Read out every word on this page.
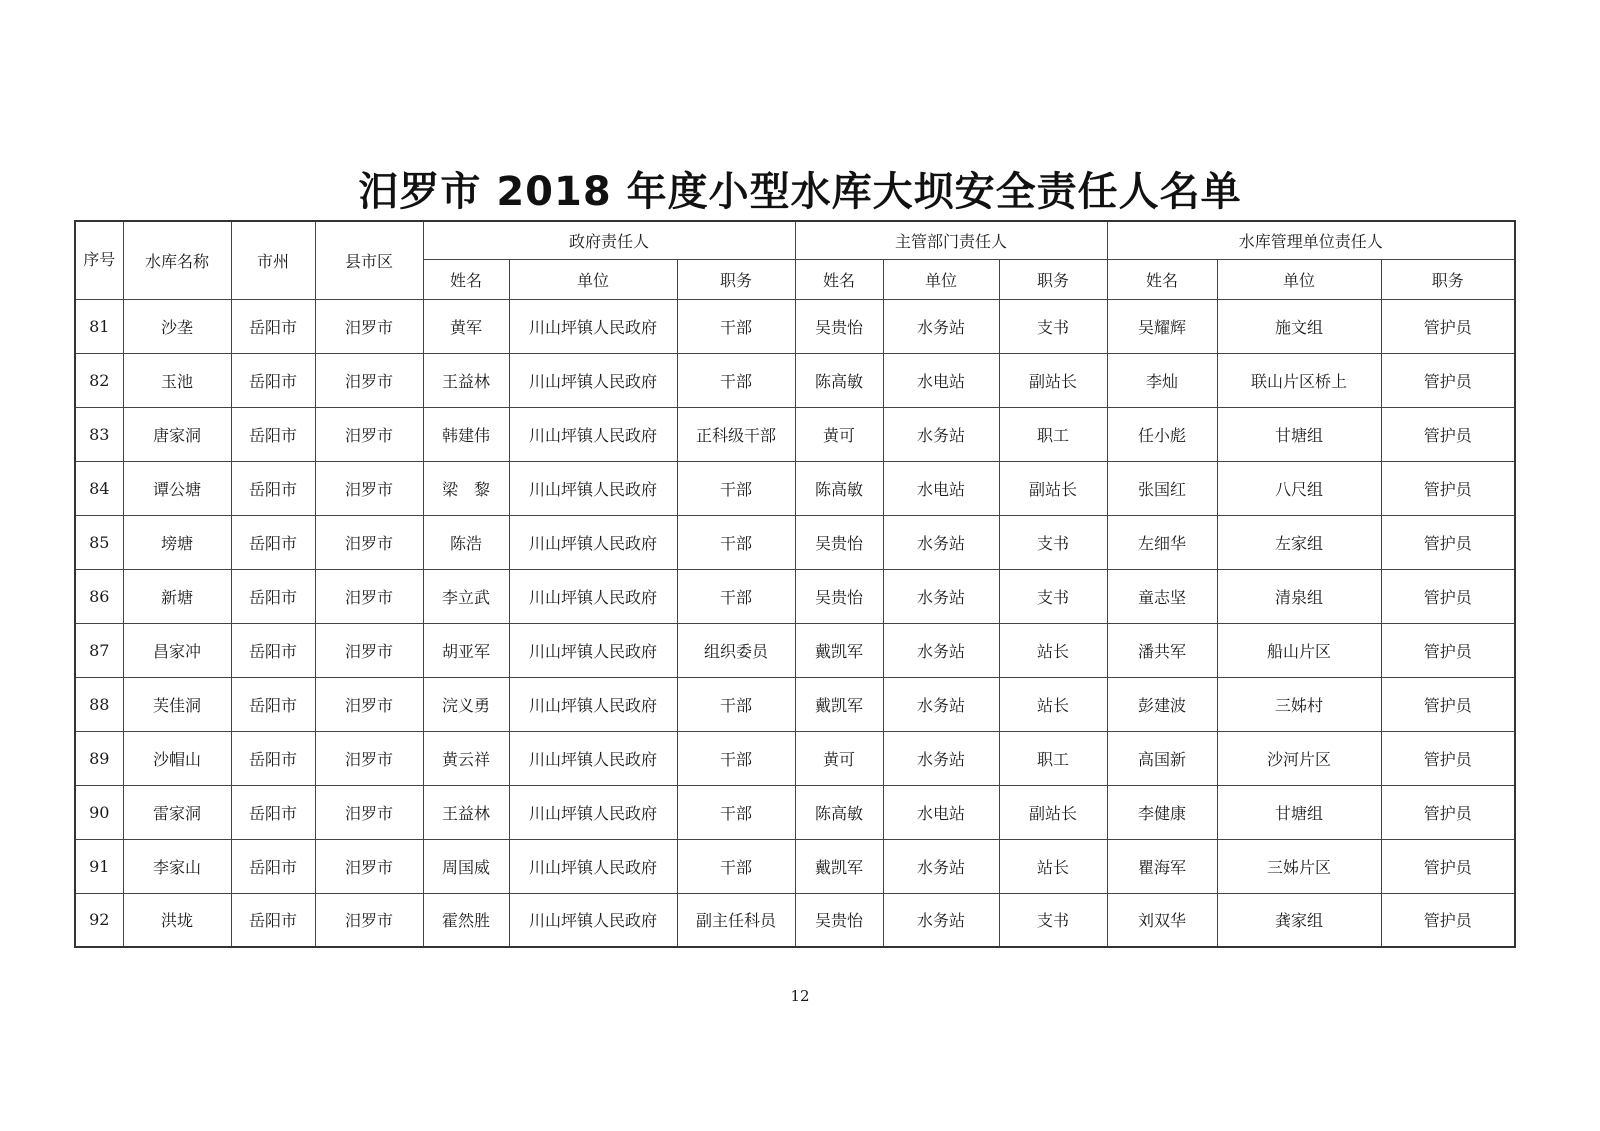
汨罗市 2018 年度小型水库大坝安全责任人名单
序号	水库名称	市州	县市区	政府责任人			主管部门责任人			水库管理单位责任人		
				姓名	单位	职务	姓名	单位	职务	姓名	单位	职务
81	沙垄	岳阳市	汨罗市	黄军	川山坪镇人民政府	干部	吴贵怡	水务站	支书	吴耀辉	施文组	管护员
82	玉池	岳阳市	汨罗市	王益林	川山坪镇人民政府	干部	陈高敏	水电站	副站长	李灿	联山片区桥上	管护员
83	唐家洞	岳阳市	汨罗市	韩建伟	川山坪镇人民政府	正科级干部	黄可	水务站	职工	任小彪	甘塘组	管护员
84	谭公塘	岳阳市	汨罗市	梁　黎	川山坪镇人民政府	干部	陈高敏	水电站	副站长	张国红	八尺组	管护员
85	塝塘	岳阳市	汨罗市	陈浩	川山坪镇人民政府	干部	吴贵怡	水务站	支书	左细华	左家组	管护员
86	新塘	岳阳市	汨罗市	李立武	川山坪镇人民政府	干部	吴贵怡	水务站	支书	童志坚	清泉组	管护员
87	昌家冲	岳阳市	汨罗市	胡亚军	川山坪镇人民政府	组织委员	戴凯军	水务站	站长	潘共军	船山片区	管护员
88	芙佳洞	岳阳市	汨罗市	浣义勇	川山坪镇人民政府	干部	戴凯军	水务站	站长	彭建波	三姊村	管护员
89	沙帽山	岳阳市	汨罗市	黄云祥	川山坪镇人民政府	干部	黄可	水务站	职工	高国新	沙河片区	管护员
90	雷家洞	岳阳市	汨罗市	王益林	川山坪镇人民政府	干部	陈高敏	水电站	副站长	李健康	甘塘组	管护员
91	李家山	岳阳市	汨罗市	周国威	川山坪镇人民政府	干部	戴凯军	水务站	站长	瞿海军	三姊片区	管护员
92	洪垅	岳阳市	汨罗市	霍然胜	川山坪镇人民政府	副主任科员	吴贵怡	水务站	支书	刘双华	龚家组	管护员
12
